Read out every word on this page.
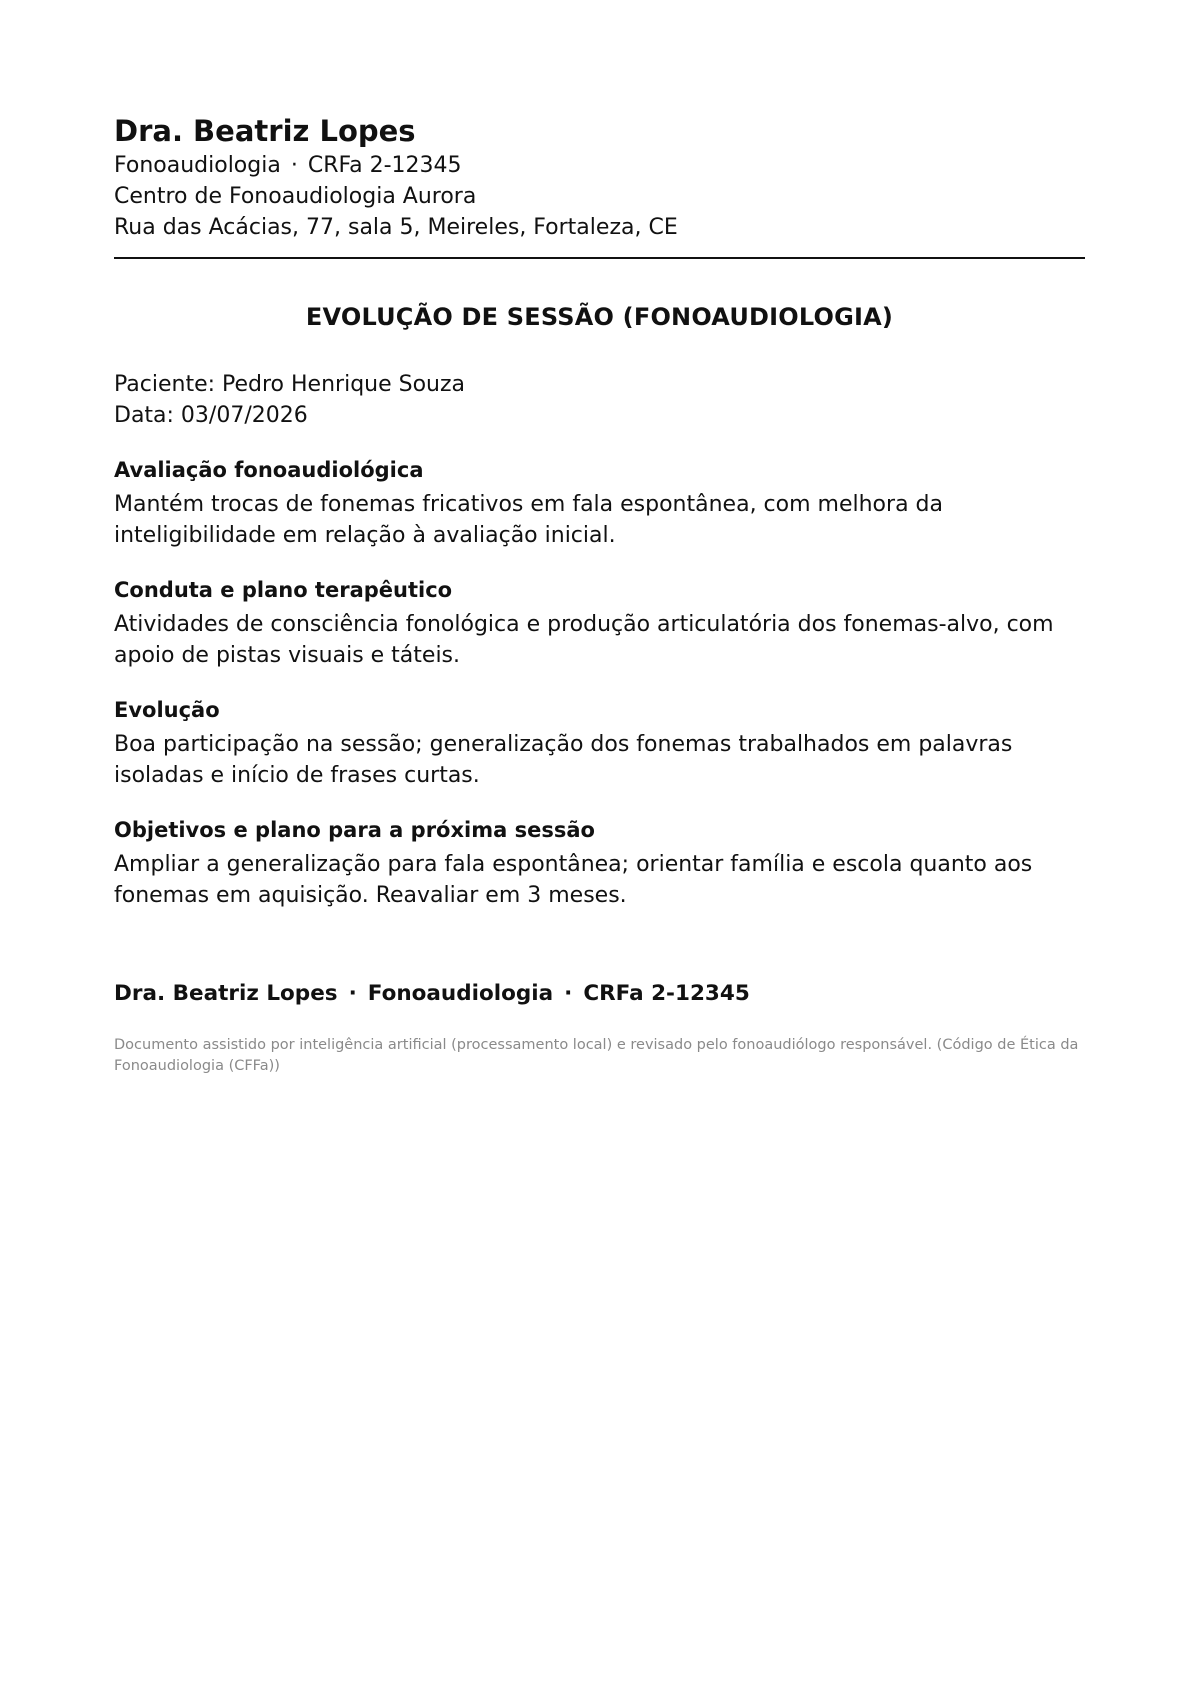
Dra. Beatriz Lopes

Fonoaudiologia · CRFa 2-12345

Centro de Fonoaudiologia Aurora

Rua das Acácias, 77, sala 5, Meireles, Fortaleza, CE

EVOLUÇÃO DE SESSÃO (FONOAUDIOLOGIA)

Paciente: Pedro Henrique Souza

Data: 03/07/2026

Avaliação fonoaudiológica

Mantém trocas de fonemas fricativos em fala espontânea, com melhora da inteligibilidade em relação à avaliação inicial.

Conduta e plano terapêutico

Atividades de consciência fonológica e produção articulatória dos fonemas-alvo, com apoio de pistas visuais e táteis.

Evolução

Boa participação na sessão; generalização dos fonemas trabalhados em palavras isoladas e início de frases curtas.

Objetivos e plano para a próxima sessão

Ampliar a generalização para fala espontânea; orientar família e escola quanto aos fonemas em aquisição. Reavaliar em 3 meses.

Dra. Beatriz Lopes · Fonoaudiologia · CRFa 2-12345

Documento assistido por inteligência artificial (processamento local) e revisado pelo fonoaudiólogo responsável. (Código de Ética da Fonoaudiologia (CFFa))
